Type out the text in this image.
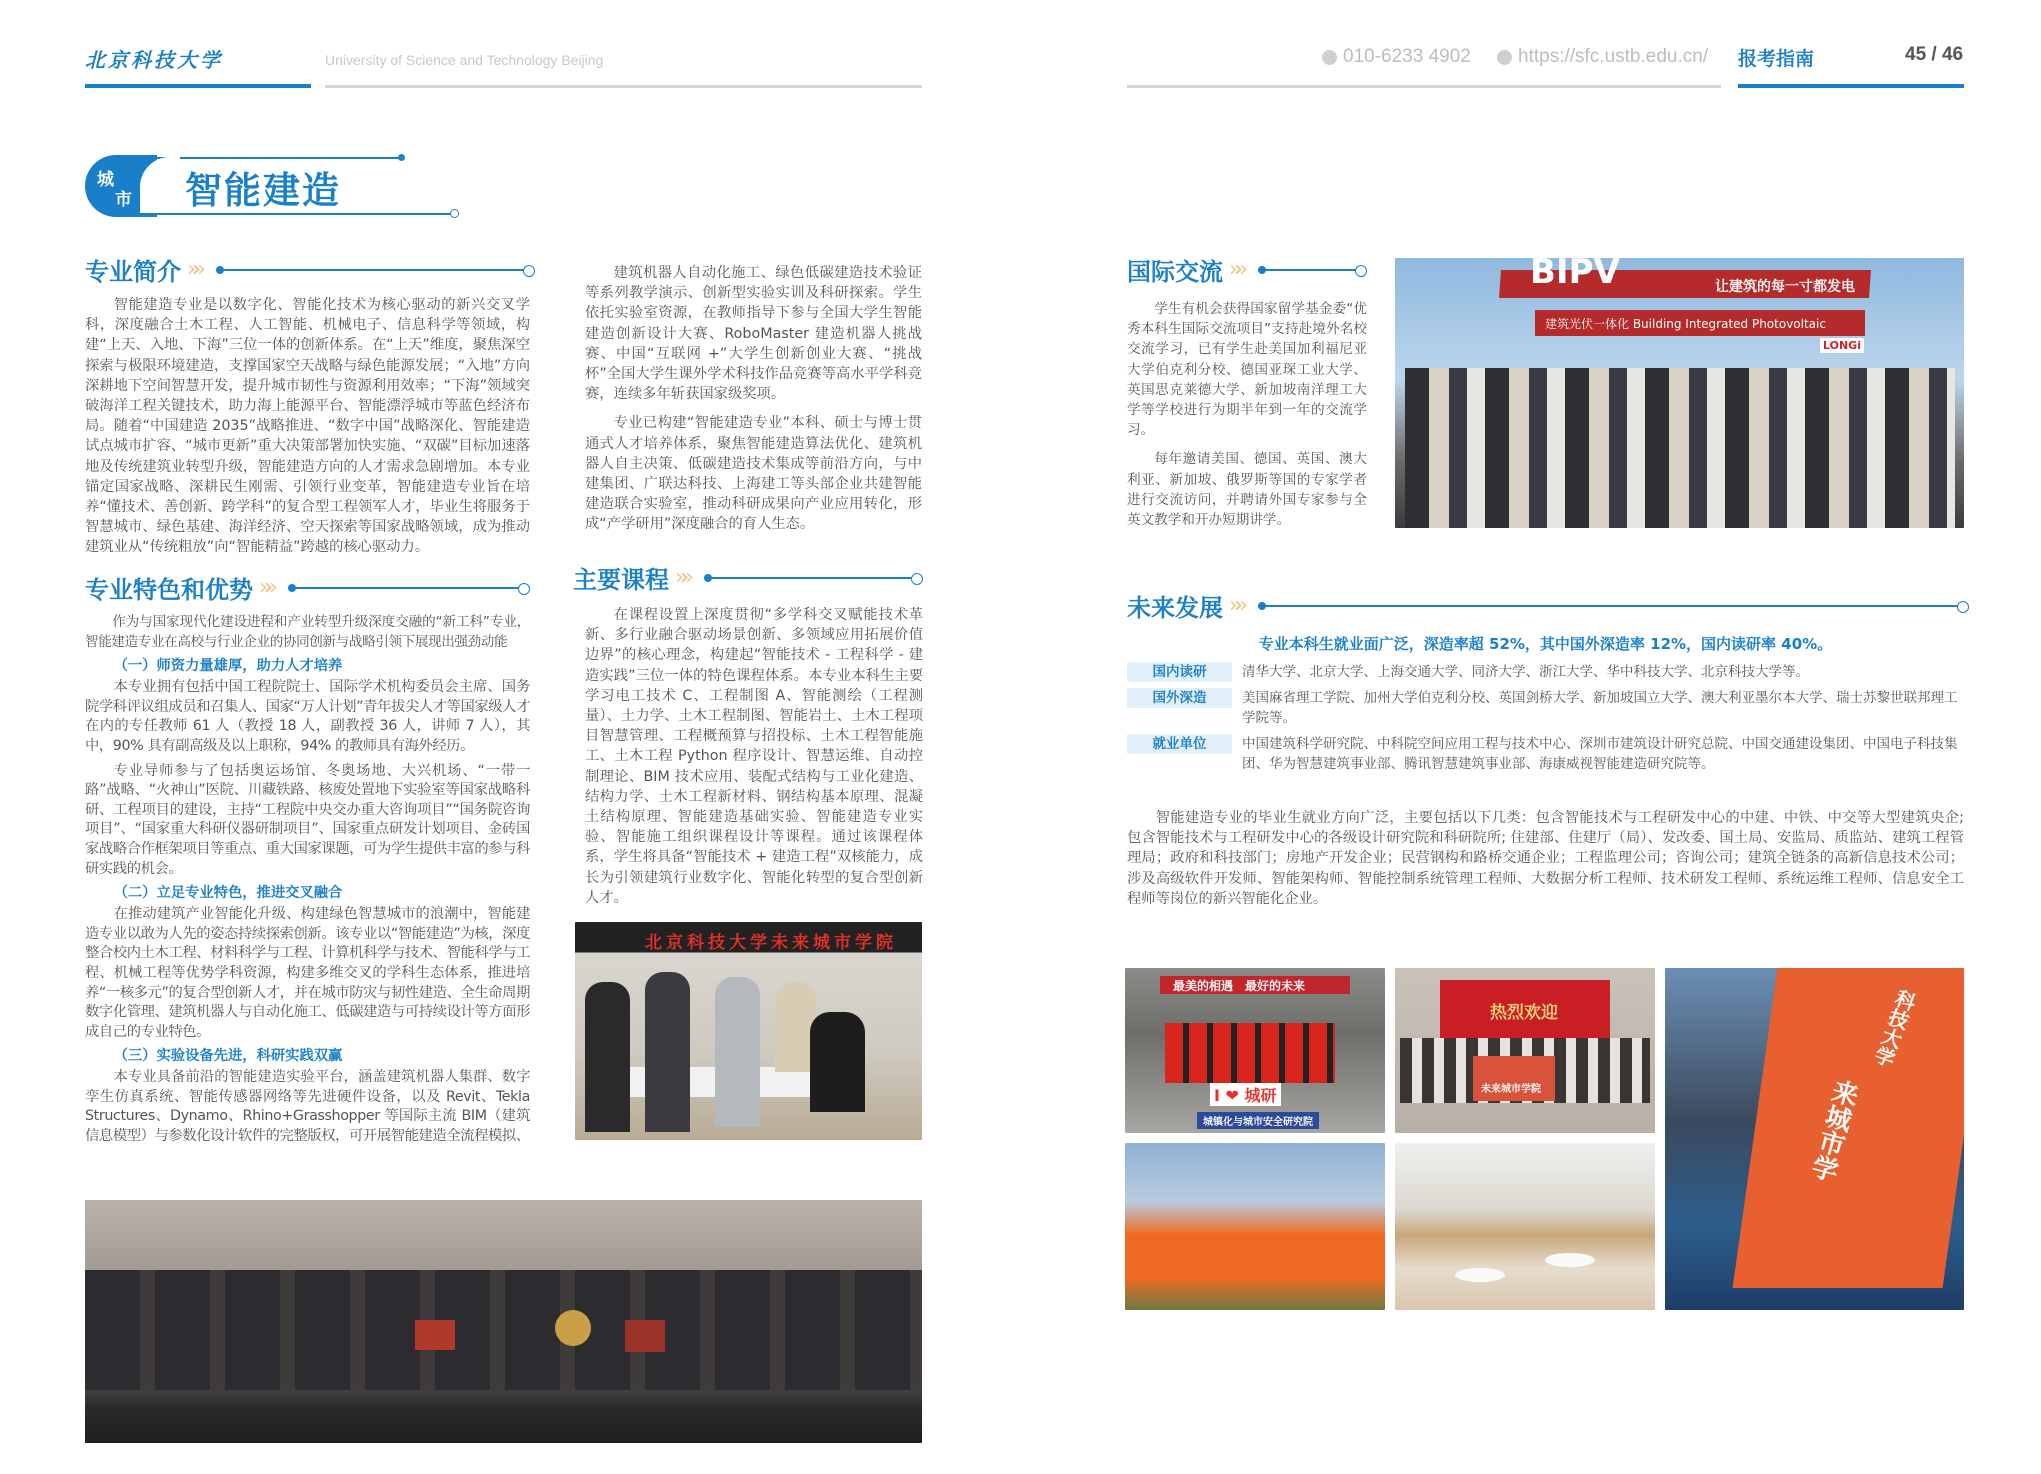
北京科技大学	University of Science and Technology Beijing	010-6233 4902 https://sfc.ustb.edu.cn/ 报考指南	45 / 46
城
市 智能建造
专业简介 »»

智能建造专业是以数字化、智能化技术为核心驱动的新兴交叉学科，深度融合土木工程、人工智能、机械电子、信息科学等领域，构建“上天、入地、下海”三位一体的创新体系。在“上天”维度，聚焦深空探索与极限环境建造，支撑国家空天战略与绿色能源发展；“入地”方向深耕地下空间智慧开发，提升城市韧性与资源利用效率；“下海”领域突破海洋工程关键技术，助力海上能源平台、智能漂浮城市等蓝色经济布局。随着“中国建造 2035”战略推进、“数字中国”战略深化、智能建造试点城市扩容、“城市更新”重大决策部署加快实施、“双碳”目标加速落地及传统建筑业转型升级，智能建造方向的人才需求急剧增加。本专业锚定国家战略、深耕民生刚需、引领行业变革，智能建造专业旨在培养“懂技术、善创新、跨学科”的复合型工程领军人才，毕业生将服务于智慧城市、绿色基建、海洋经济、空天探索等国家战略领域，成为推动建筑业从“传统粗放”向“智能精益”跨越的核心驱动力。

专业特色和优势 »»

作为与国家现代化建设进程和产业转型升级深度交融的“新工科”专业，智能建造专业在高校与行业企业的协同创新与战略引领下展现出强劲动能

（一）师资力量雄厚，助力人才培养

本专业拥有包括中国工程院院士、国际学术机构委员会主席、国务院学科评议组成员和召集人、国家“万人计划”青年拔尖人才等国家级人才在内的专任教师 61 人（教授 18 人，副教授 36 人，讲师 7 人），其中，90% 具有副高级及以上职称，94% 的教师具有海外经历。

专业导师参与了包括奥运场馆、冬奥场地、大兴机场、“一带一路”战略、“火神山”医院、川藏铁路、核废处置地下实验室等国家战略科研、工程项目的建设，主持“工程院中央交办重大咨询项目”“国务院咨询项目”、“国家重大科研仪器研制项目”、国家重点研发计划项目、金砖国家战略合作框架项目等重点、重大国家课题，可为学生提供丰富的参与科研实践的机会。

（二）立足专业特色，推进交叉融合

在推动建筑产业智能化升级、构建绿色智慧城市的浪潮中，智能建造专业以敢为人先的姿态持续探索创新。该专业以“智能建造”为核，深度整合校内土木工程、材料科学与工程、计算机科学与技术、智能科学与工程、机械工程等优势学科资源，构建多维交叉的学科生态体系，推进培养“一核多元”的复合型创新人才，并在城市防灾与韧性建造、全生命周期数字化管理、建筑机器人与自动化施工、低碳建造与可持续设计等方面形成自己的专业特色。

（三）实验设备先进，科研实践双赢

本专业具备前沿的智能建造实验平台，涵盖建筑机器人集群、数字孪生仿真系统、智能传感器网络等先进硬件设备，以及 Revit、Tekla Structures、Dynamo、Rhino+Grasshopper 等国际主流 BIM（建筑信息模型）与参数化设计软件的完整版权，可开展智能建造全流程模拟、

建筑机器人自动化施工、绿色低碳建造技术验证等系列教学演示、创新型实验实训及科研探索。学生依托实验室资源，在教师指导下参与全国大学生智能建造创新设计大赛、RoboMaster 建造机器人挑战赛、中国“互联网 +”大学生创新创业大赛、“挑战杯”全国大学生课外学术科技作品竞赛等高水平学科竞赛，连续多年斩获国家级奖项。

专业已构建“智能建造专业”本科、硕士与博士贯通式人才培养体系，聚焦智能建造算法优化、建筑机器人自主决策、低碳建造技术集成等前沿方向，与中建集团、广联达科技、上海建工等头部企业共建智能建造联合实验室，推动科研成果向产业应用转化，形成“产学研用”深度融合的育人生态。

主要课程 »»

在课程设置上深度贯彻“多学科交叉赋能技术革新、多行业融合驱动场景创新、多领域应用拓展价值边界”的核心理念，构建起“智能技术 - 工程科学 - 建造实践”三位一体的特色课程体系。本专业本科生主要学习电工技术 C、工程制图 A、智能测绘（工程测量）、土力学、土木工程制图、智能岩土、土木工程项目智慧管理、工程概预算与招投标、土木工程智能施工、土木工程 Python 程序设计、智慧运维、自动控制理论、BIM 技术应用、装配式结构与工业化建造、结构力学、土木工程新材料、钢结构基本原理、混凝土结构原理、智能建造基础实验、智能建造专业实验、智能施工组织课程设计等课程。通过该课程体系，学生将具备“智能技术 + 建造工程”双核能力，成长为引领建筑行业数字化、智能化转型的复合型创新人才。

北京科技大学未来城市学院
国际交流 »»

学生有机会获得国家留学基金委“优秀本科生国际交流项目”支持赴境外名校交流学习，已有学生赴美国加利福尼亚大学伯克利分校、德国亚琛工业大学、英国思克莱德大学、新加坡南洋理工大学等学校进行为期半年到一年的交流学习。

每年邀请美国、德国、英国、澳大利亚、新加坡、俄罗斯等国的专家学者进行交流访问，并聘请外国专家参与全英文教学和开办短期讲学。

BIPV	让建筑的每一寸都发电
建筑光伏一体化 Building Integrated Photovoltaic
LONGi
未来发展 »»
专业本科生就业面广泛，深造率超 52%，其中国外深造率 12%，国内读研率 40%。
国内读研	清华大学、北京大学、上海交通大学、同济大学、浙江大学、华中科技大学、北京科技大学等。
国外深造	美国麻省理工学院、加州大学伯克利分校、英国剑桥大学、新加坡国立大学、澳大利亚墨尔本大学、瑞士苏黎世联邦理工学院等。
就业单位	中国建筑科学研究院、中科院空间应用工程与技术中心、深圳市建筑设计研究总院、中国交通建设集团、中国电子科技集团、华为智慧建筑事业部、腾讯智慧建筑事业部、海康威视智能建造研究院等。

智能建造专业的毕业生就业方向广泛，主要包括以下几类：包含智能技术与工程研发中心的中建、中铁、中交等大型建筑央企; 包含智能技术与工程研发中心的各级设计研究院和科研院所; 住建部、住建厅（局）、发改委、国土局、安监局、质监站、建筑工程管理局；政府和科技部门；房地产开发企业；民营钢构和路桥交通企业；工程监理公司；咨询公司；建筑全链条的高新信息技术公司；涉及高级软件开发师、智能架构师、智能控制系统管理工程师、大数据分析工程师、技术研发工程师、系统运维工程师、信息安全工程师等岗位的新兴智能化企业。

最美的相遇　最好的未来
I ❤ 城研
城镇化与城市安全研究院
热烈欢迎
未来城市学院
科技大学
来城市学
